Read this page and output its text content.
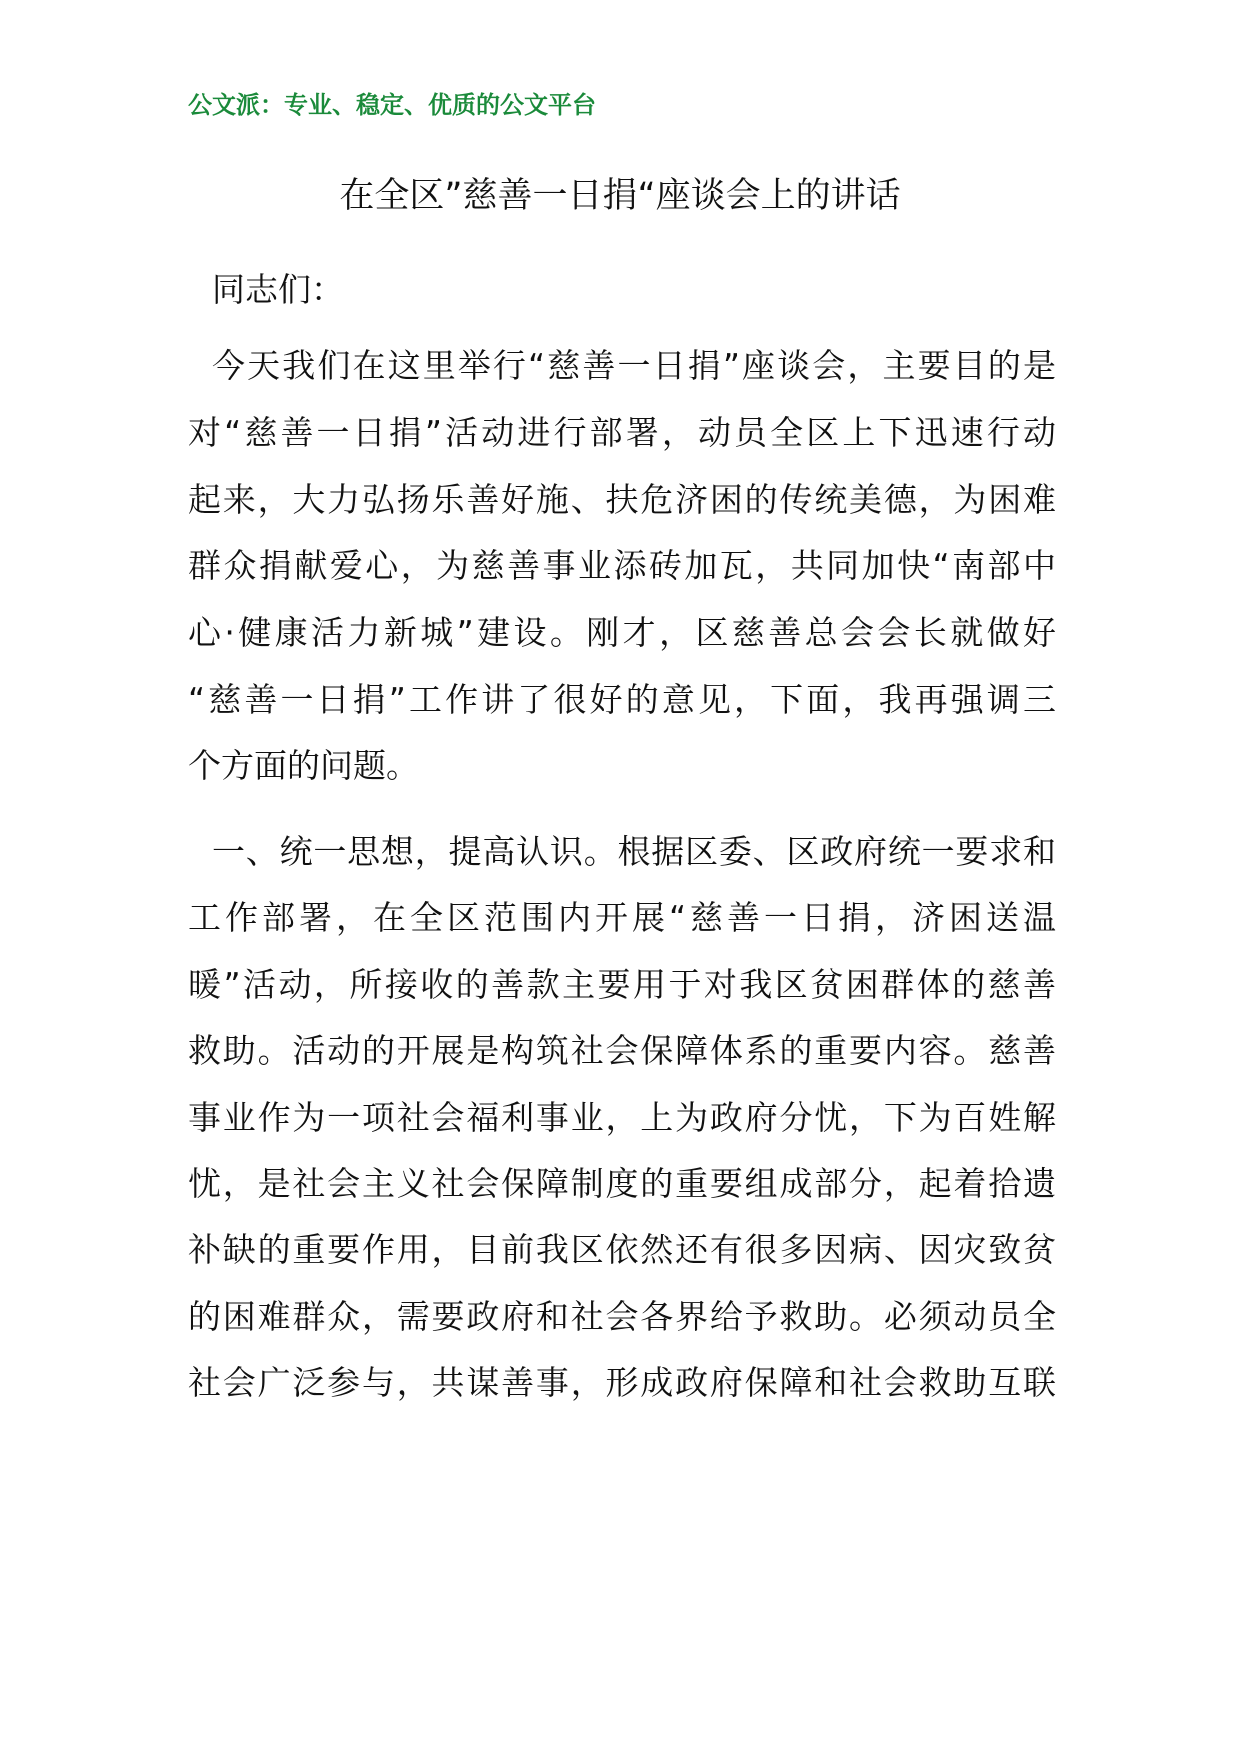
公文派：专业、稳定、优质的公文平台
在全区”慈善一日捐“座谈会上的讲话
同志们：
今天我们在这里举行“慈善一日捐”座谈会，主要目的是
对“慈善一日捐”活动进行部署，动员全区上下迅速行动
起来，大力弘扬乐善好施、扶危济困的传统美德，为困难
群众捐献爱心，为慈善事业添砖加瓦，共同加快“南部中
心·健康活力新城”建设。刚才，区慈善总会会长就做好
“慈善一日捐”工作讲了很好的意见，下面，我再强调三
个方面的问题。
一、统一思想，提高认识。根据区委、区政府统一要求和
工作部署，在全区范围内开展“慈善一日捐，济困送温
暖”活动，所接收的善款主要用于对我区贫困群体的慈善
救助。活动的开展是构筑社会保障体系的重要内容。慈善
事业作为一项社会福利事业，上为政府分忧，下为百姓解
忧，是社会主义社会保障制度的重要组成部分，起着拾遗
补缺的重要作用，目前我区依然还有很多因病、因灾致贫
的困难群众，需要政府和社会各界给予救助。必须动员全
社会广泛参与，共谋善事，形成政府保障和社会救助互联
